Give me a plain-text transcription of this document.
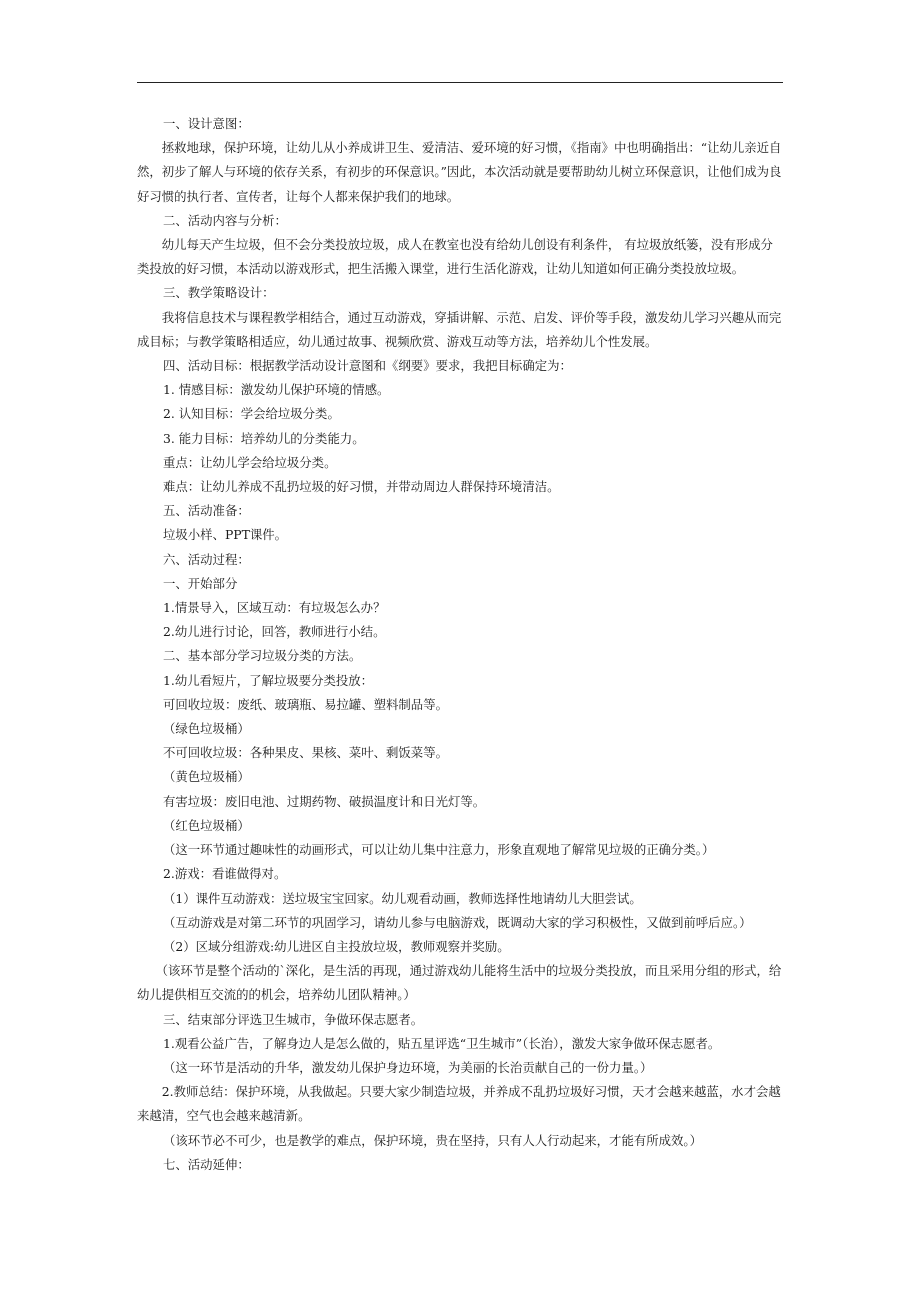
一、设计意图：

　　拯救地球，保护环境，让幼儿从小养成讲卫生、爱清洁、爱环境的好习惯，《指南》中也明确指出：“让幼儿亲近自然，初步了解人与环境的依存关系，有初步的环保意识。”因此，本次活动就是要帮助幼儿树立环保意识，让他们成为良好习惯的执行者、宣传者，让每个人都来保护我们的地球。

二、活动内容与分析：

　　幼儿每天产生垃圾，但不会分类投放垃圾，成人在教室也没有给幼儿创设有利条件， 有垃圾放纸篓，没有形成分类投放的好习惯，本活动以游戏形式，把生活搬入课堂，进行生活化游戏，让幼儿知道如何正确分类投放垃圾。

三、教学策略设计：

　　我将信息技术与课程教学相结合，通过互动游戏，穿插讲解、示范、启发、评价等手段，激发幼儿学习兴趣从而完成目标；与教学策略相适应，幼儿通过故事、视频欣赏、游戏互动等方法，培养幼儿个性发展。

四、活动目标：根据教学活动设计意图和《纲要》要求，我把目标确定为：

1. 情感目标：激发幼儿保护环境的情感。

2. 认知目标：学会给垃圾分类。

3. 能力目标：培养幼儿的分类能力。

重点：让幼儿学会给垃圾分类。

难点：让幼儿养成不乱扔垃圾的好习惯，并带动周边人群保持环境清洁。

五、活动准备：

垃圾小样、PPT课件。

六、活动过程：

一、开始部分

1.情景导入，区域互动：有垃圾怎么办？

2.幼儿进行讨论，回答，教师进行小结。

二、基本部分学习垃圾分类的方法。

1.幼儿看短片，了解垃圾要分类投放：

可回收垃圾：废纸、玻璃瓶、易拉罐、塑料制品等。

（绿色垃圾桶）

不可回收垃圾：各种果皮、果核、菜叶、剩饭菜等。

（黄色垃圾桶）

有害垃圾：废旧电池、过期药物、破损温度计和日光灯等。

（红色垃圾桶）

（这一环节通过趣味性的动画形式，可以让幼儿集中注意力，形象直观地了解常见垃圾的正确分类。）

2.游戏：看谁做得对。

（1）课件互动游戏：送垃圾宝宝回家。幼儿观看动画，教师选择性地请幼儿大胆尝试。

（互动游戏是对第二环节的巩固学习，请幼儿参与电脑游戏，既调动大家的学习积极性，又做到前呼后应。）

（2）区域分组游戏:幼儿进区自主投放垃圾，教师观察并奖励。

　　（该环节是整个活动的`深化，是生活的再现，通过游戏幼儿能将生活中的垃圾分类投放，而且采用分组的形式，给幼儿提供相互交流的的机会，培养幼儿团队精神。）

三、结束部分评选卫生城市，争做环保志愿者。

1.观看公益广告，了解身边人是怎么做的，贴五星评选“卫生城市”（长治），激发大家争做环保志愿者。

（这一环节是活动的升华，激发幼儿保护身边环境，为美丽的长治贡献自己的一份力量。）

　　2.教师总结：保护环境，从我做起。只要大家少制造垃圾，并养成不乱扔垃圾好习惯，天才会越来越蓝，水才会越来越清，空气也会越来越清新。

（该环节必不可少，也是教学的难点，保护环境，贵在坚持，只有人人行动起来，才能有所成效。）

七、活动延伸：
